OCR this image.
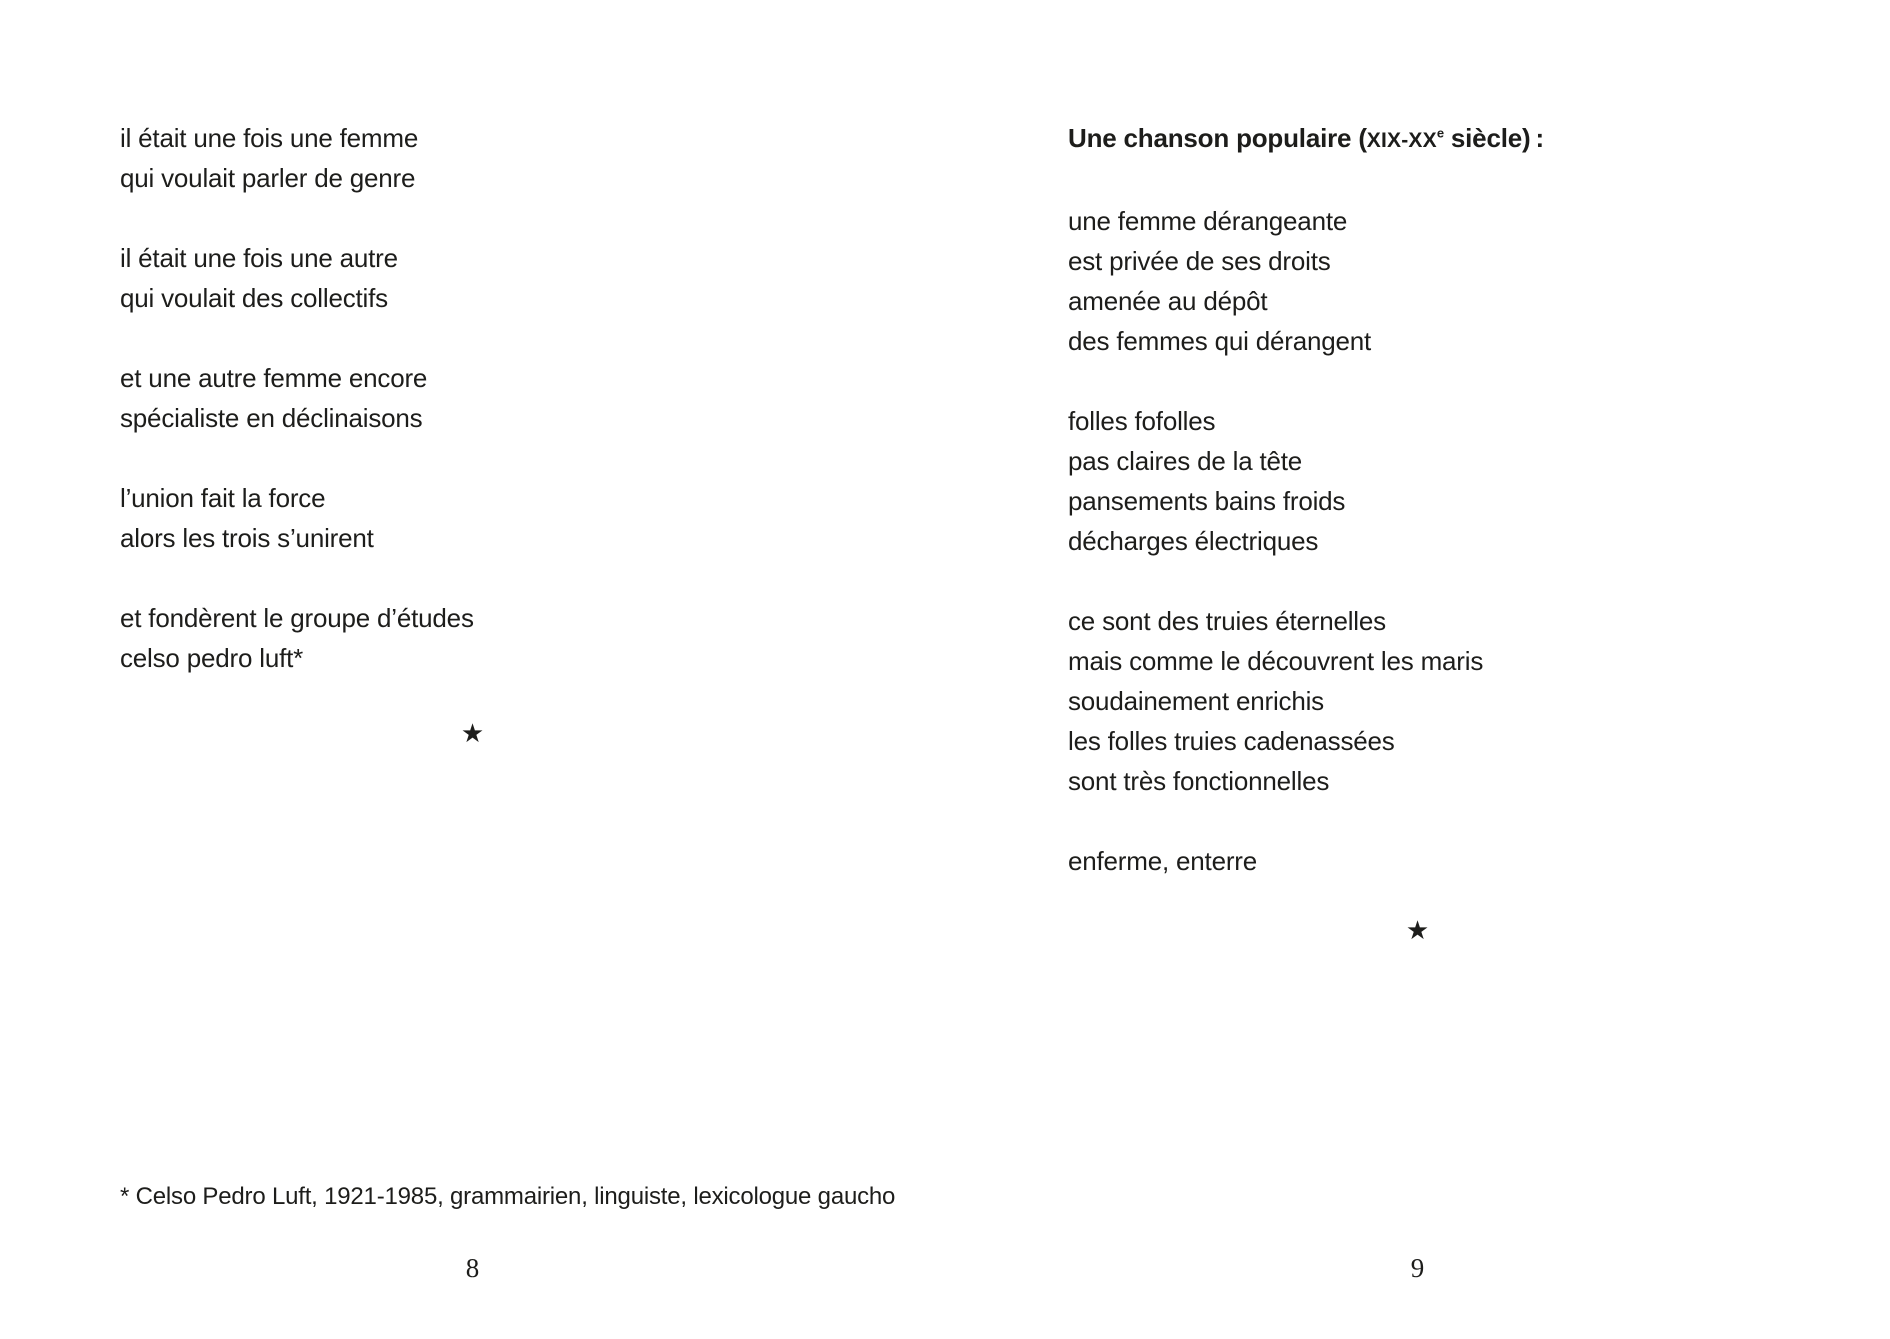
il était une fois une femme
qui voulait parler de genre
il était une fois une autre
qui voulait des collectifs
et une autre femme encore
spécialiste en déclinaisons
l’union fait la force
alors les trois s’unirent
et fondèrent le groupe d’études
celso pedro luft*
★
* Celso Pedro Luft, 1921-1985, grammairien, linguiste, lexicologue gaucho
8
Une chanson populaire (XIX-XXe siècle) :
une femme dérangeante
est privée de ses droits
amenée au dépôt
des femmes qui dérangent
folles fofolles
pas claires de la tête
pansements bains froids
décharges électriques
ce sont des truies éternelles
mais comme le découvrent les maris
soudainement enrichis
les folles truies cadenassées
sont très fonctionnelles
enferme, enterre
★
9
